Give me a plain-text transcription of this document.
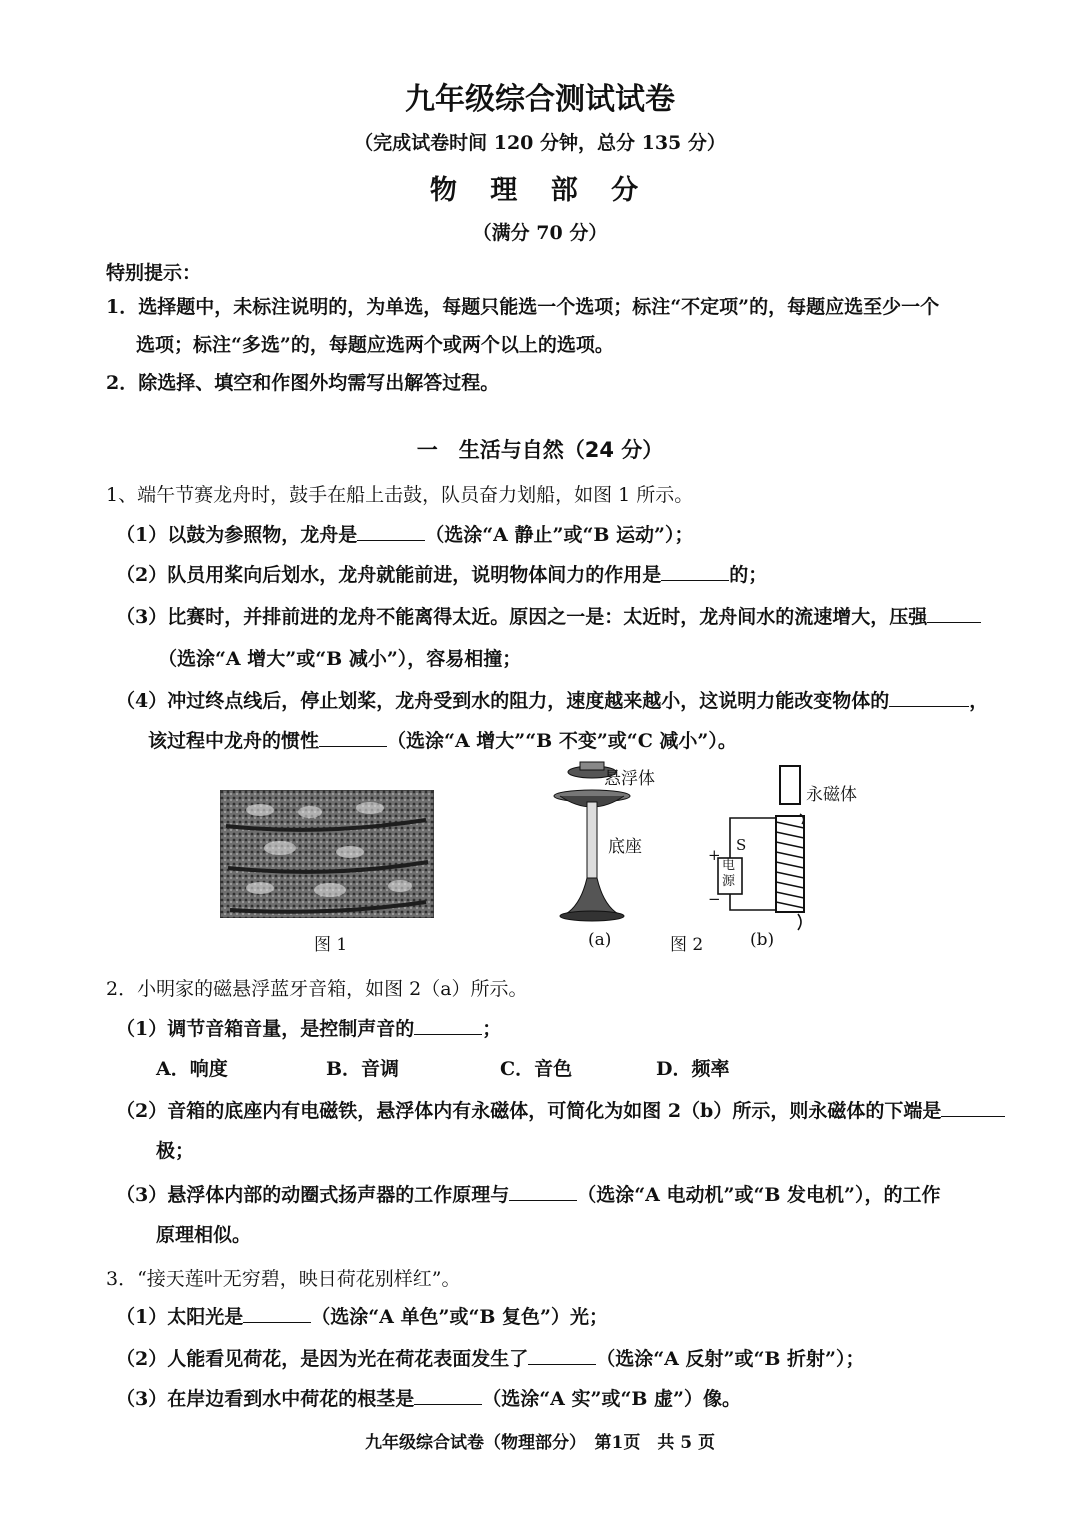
九年级综合测试试卷
（完成试卷时间 120 分钟，总分 135 分）
物 理 部 分
（满分 70 分）
特别提示：
1．选择题中，未标注说明的，为单选，每题只能选一个选项；标注“不定项”的，每题应选至少一个
选项；标注“多选”的，每题应选两个或两个以上的选项。
2．除选择、填空和作图外均需写出解答过程。
一　生活与自然（24 分）
1、端午节赛龙舟时，鼓手在船上击鼓，队员奋力划船，如图 1 所示。
（1）以鼓为参照物，龙舟是	（选涂“A 静止”或“B 运动”）；
（2）队员用桨向后划水，龙舟就能前进，说明物体间力的作用是	的；
（3）比赛时，并排前进的龙舟不能离得太近。原因之一是：太近时，龙舟间水的流速增大，压强
（选涂“A 增大”或“B 减小”），容易相撞；
（4）冲过终点线后，停止划桨，龙舟受到水的阻力，速度越来越小，这说明力能改变物体的	，
该过程中龙舟的惯性	（选涂“A 增大”“B 不变”或“C 减小”）。
图 1
悬浮体
底座
(a)	图 2
永磁体
S
+
−
电
源
(b)
2．小明家的磁悬浮蓝牙音箱，如图 2（a）所示。
（1）调节音箱音量，是控制声音的	；
A．响度	B．音调	C．音色	D．频率
（2）音箱的底座内有电磁铁，悬浮体内有永磁体，可简化为如图 2（b）所示，则永磁体的下端是
极；
（3）悬浮体内部的动圈式扬声器的工作原理与	（选涂“A 电动机”或“B 发电机”），的工作
原理相似。
3．“接天莲叶无穷碧，映日荷花别样红”。
（1）太阳光是	（选涂“A 单色”或“B 复色”）光；
（2）人能看见荷花，是因为光在荷花表面发生了	（选涂“A 反射”或“B 折射”）；
（3）在岸边看到水中荷花的根茎是	（选涂“A 实”或“B 虚”）像。
九年级综合试卷（物理部分）　第1页　共 5 页
